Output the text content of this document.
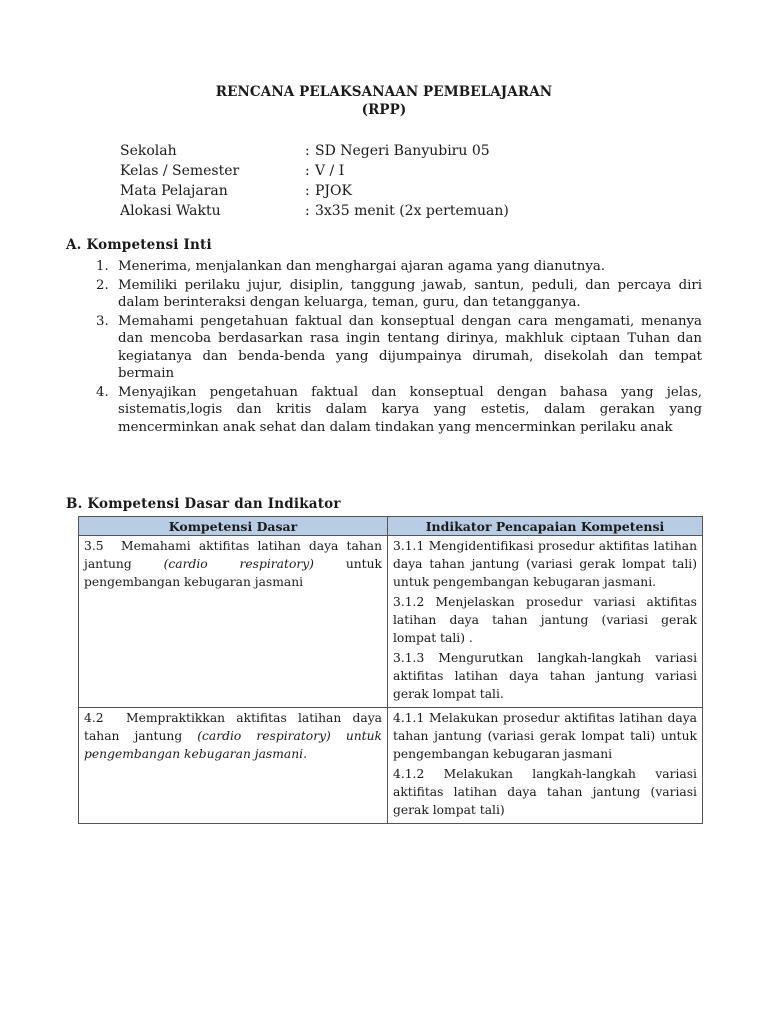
RENCANA PELAKSANAAN PEMBELAJARAN
(RPP)
Sekolah	: SD Negeri Banyubiru 05
Kelas / Semester	: V / I
Mata Pelajaran	: PJOK
Alokasi Waktu	: 3x35 menit (2x pertemuan)
A. Kompetensi Inti
1. Menerima, menjalankan dan menghargai ajaran agama yang dianutnya.
2. Memiliki perilaku jujur, disiplin, tanggung jawab, santun, peduli, dan percaya diri dalam berinteraksi dengan keluarga, teman, guru, dan tetangganya.
3. Memahami pengetahuan faktual dan konseptual dengan cara mengamati, menanya dan mencoba berdasarkan rasa ingin tentang dirinya, makhluk ciptaan Tuhan dan kegiatanya dan benda-benda yang dijumpainya dirumah, disekolah dan tempat bermain
4. Menyajikan pengetahuan faktual dan konseptual dengan bahasa yang jelas, sistematis,logis dan kritis dalam karya yang estetis, dalam gerakan yang mencerminkan anak sehat dan dalam tindakan yang mencerminkan perilaku anak
B. Kompetensi Dasar dan Indikator
Kompetensi Dasar	Indikator Pencapaian Kompetensi
3.5 Memahami aktifitas latihan daya tahan jantung (cardio respiratory) untuk pengembangan kebugaran jasmani	3.1.1 Mengidentifikasi prosedur aktifitas latihan daya tahan jantung (variasi gerak lompat tali) untuk pengembangan kebugaran jasmani.
3.1.2 Menjelaskan prosedur variasi aktifitas latihan daya tahan jantung (variasi gerak lompat tali) .
3.1.3 Mengurutkan langkah-langkah variasi aktifitas latihan daya tahan jantung variasi gerak lompat tali.

4.2 Mempraktikkan aktifitas latihan daya tahan jantung (cardio respiratory) untuk pengembangan kebugaran jasmani.	4.1.1 Melakukan prosedur aktifitas latihan daya tahan jantung (variasi gerak lompat tali) untuk pengembangan kebugaran jasmani
4.1.2 Melakukan langkah-langkah variasi aktifitas latihan daya tahan jantung (variasi gerak lompat tali)
